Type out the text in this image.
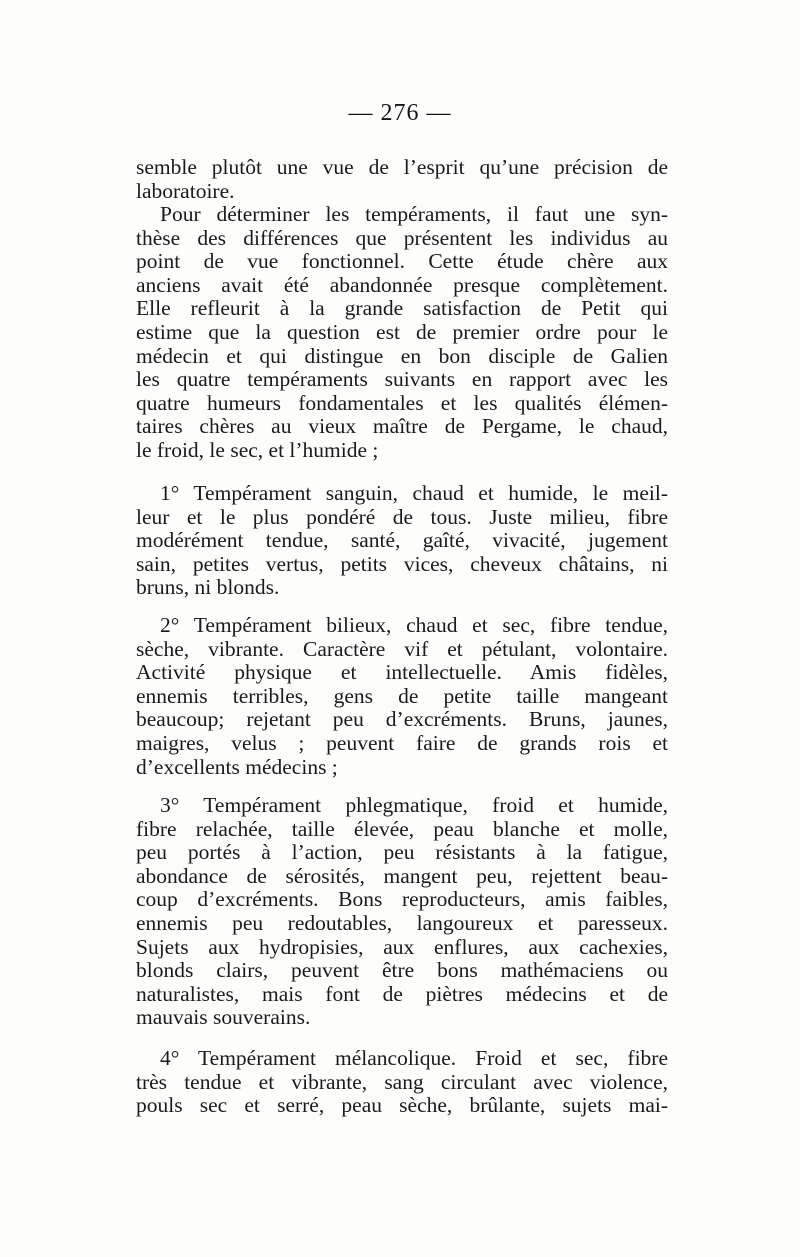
— 276 —
semble plutôt une vue de l’esprit qu’une précision de
laboratoire.
Pour déterminer les tempéraments, il faut une syn-
thèse des différences que présentent les individus au
point de vue fonctionnel. Cette étude chère aux
anciens avait été abandonnée presque complètement.
Elle refleurit à la grande satisfaction de Petit qui
estime que la question est de premier ordre pour le
médecin et qui distingue en bon disciple de Galien
les quatre tempéraments suivants en rapport avec les
quatre humeurs fondamentales et les qualités élémen-
taires chères au vieux maître de Pergame, le chaud,
le froid, le sec, et l’humide ;
1° Tempérament sanguin, chaud et humide, le meil-
leur et le plus pondéré de tous. Juste milieu, fibre
modérément tendue, santé, gaîté, vivacité, jugement
sain, petites vertus, petits vices, cheveux châtains, ni
bruns, ni blonds.
2° Tempérament bilieux, chaud et sec, fibre tendue,
sèche, vibrante. Caractère vif et pétulant, volontaire.
Activité physique et intellectuelle. Amis fidèles,
ennemis terribles, gens de petite taille mangeant
beaucoup; rejetant peu d’excréments. Bruns, jaunes,
maigres, velus ; peuvent faire de grands rois et
d’excellents médecins ;
3° Tempérament phlegmatique, froid et humide,
fibre relachée, taille élevée, peau blanche et molle,
peu portés à l’action, peu résistants à la fatigue,
abondance de sérosités, mangent peu, rejettent beau-
coup d’excréments. Bons reproducteurs, amis faibles,
ennemis peu redoutables, langoureux et paresseux.
Sujets aux hydropisies, aux enflures, aux cachexies,
blonds clairs, peuvent être bons mathémaciens ou
naturalistes, mais font de piètres médecins et de
mauvais souverains.
4° Tempérament mélancolique. Froid et sec, fibre
très tendue et vibrante, sang circulant avec violence,
pouls sec et serré, peau sèche, brûlante, sujets mai-
